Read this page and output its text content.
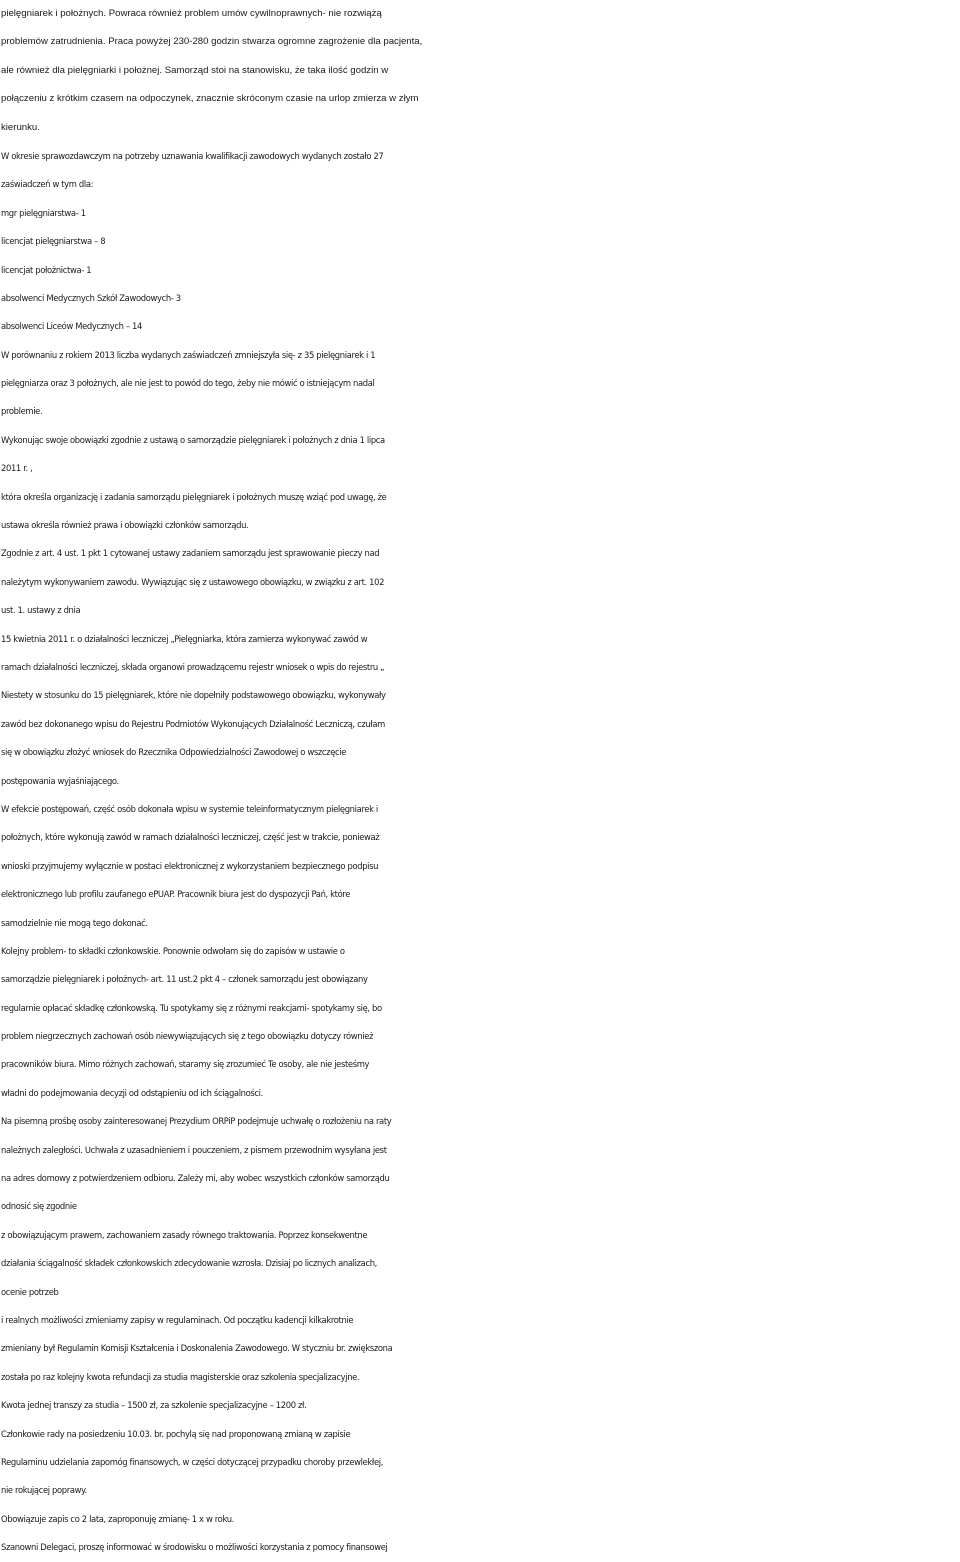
pielęgniarek i położnych. Powraca również problem umów cywilnoprawnych- nie rozwiążą
problemów zatrudnienia. Praca powyżej 230-280 godzin stwarza ogromne zagrożenie dla pacjenta,
ale również dla pielęgniarki i położnej. Samorząd stoi na stanowisku, że taka ilość godzin w
połączeniu z krótkim czasem na odpoczynek, znacznie skróconym czasie na urlop zmierza w złym
kierunku.
W okresie sprawozdawczym na potrzeby uznawania kwalifikacji zawodowych wydanych zostało 27
zaświadczeń w tym dla:
mgr pielęgniarstwa- 1
licencjat pielęgniarstwa – 8
licencjat położnictwa- 1
absolwenci Medycznych Szkół Zawodowych- 3
absolwenci Liceów Medycznych – 14
W porównaniu z rokiem 2013 liczba wydanych zaświadczeń zmniejszyła się- z 35 pielęgniarek i 1
pielęgniarza oraz 3 położnych, ale nie jest to powód do tego, żeby nie mówić o istniejącym nadal
problemie.
Wykonując swoje obowiązki zgodnie z ustawą o samorządzie pielęgniarek i położnych z dnia 1 lipca
2011 r. ,
która określa organizację i zadania samorządu pielęgniarek i położnych muszę wziąć pod uwagę, że
ustawa określa również prawa i obowiązki członków samorządu.
Zgodnie z art. 4 ust. 1 pkt 1 cytowanej ustawy zadaniem samorządu jest sprawowanie pieczy nad
należytym wykonywaniem zawodu. Wywiązując się z ustawowego obowiązku, w związku z art. 102
ust. 1. ustawy z dnia
15 kwietnia 2011 r. o działalności leczniczej „Pielęgniarka, która zamierza wykonywać zawód w
ramach działalności leczniczej, składa organowi prowadzącemu rejestr wniosek o wpis do rejestru „
Niestety w stosunku do 15 pielęgniarek, które nie dopełniły podstawowego obowiązku, wykonywały
zawód bez dokonanego wpisu do Rejestru Podmiotów Wykonujących Działalność Leczniczą, czułam
się w obowiązku złożyć wniosek do Rzecznika Odpowiedzialności Zawodowej o wszczęcie
postępowania wyjaśniającego.
W efekcie postępowań, część osób dokonała wpisu w systemie teleinformatycznym pielęgniarek i
położnych, które wykonują zawód w ramach działalności leczniczej, część jest w trakcie, ponieważ
wnioski przyjmujemy wyłącznie w postaci elektronicznej z wykorzystaniem bezpiecznego podpisu
elektronicznego lub profilu zaufanego ePUAP. Pracownik biura jest do dyspozycji Pań, które
samodzielnie nie mogą tego dokonać.
Kolejny problem- to składki członkowskie. Ponownie odwołam się do zapisów w ustawie o
samorządzie pielęgniarek i położnych- art. 11 ust.2 pkt 4 – członek samorządu jest obowiązany
regularnie opłacać składkę członkowską. Tu spotykamy się z różnymi reakcjami- spotykamy się, bo
problem niegrzecznych zachowań osób niewywiązujących się z tego obowiązku dotyczy również
pracowników biura. Mimo różnych zachowań, staramy się zrozumieć Te osoby, ale nie jesteśmy
władni do podejmowania decyzji od odstąpieniu od ich ściągalności.
Na pisemną prośbę osoby zainteresowanej Prezydium ORPiP podejmuje uchwałę o rozłożeniu na raty
należnych zaległości. Uchwała z uzasadnieniem i pouczeniem, z pismem przewodnim wysyłana jest
na adres domowy z potwierdzeniem odbioru. Zależy mi, aby wobec wszystkich członków samorządu
odnosić się zgodnie
z obowiązującym prawem, zachowaniem zasady równego traktowania. Poprzez konsekwentne
działania ściągalność składek członkowskich zdecydowanie wzrosła. Dzisiaj po licznych analizach,
ocenie potrzeb
i realnych możliwości zmieniamy zapisy w regulaminach. Od początku kadencji kilkakrotnie
zmieniany był Regulamin Komisji Kształcenia i Doskonalenia Zawodowego. W styczniu br. zwiększona
została po raz kolejny kwota refundacji za studia magisterskie oraz szkolenia specjalizacyjne.
Kwota jednej transzy za studia – 1500 zł, za szkolenie specjalizacyjne – 1200 zł.
Członkowie rady na posiedzeniu 10.03. br. pochylą się nad proponowaną zmianą w zapisie
Regulaminu udzielania zapomóg finansowych, w części dotyczącej przypadku choroby przewlekłej,
nie rokującej poprawy.
Obowiązuje zapis co 2 lata, zaproponuję zmianę- 1 x w roku.
Szanowni Delegaci, proszę informować w środowisku o możliwości korzystania z pomocy finansowej
